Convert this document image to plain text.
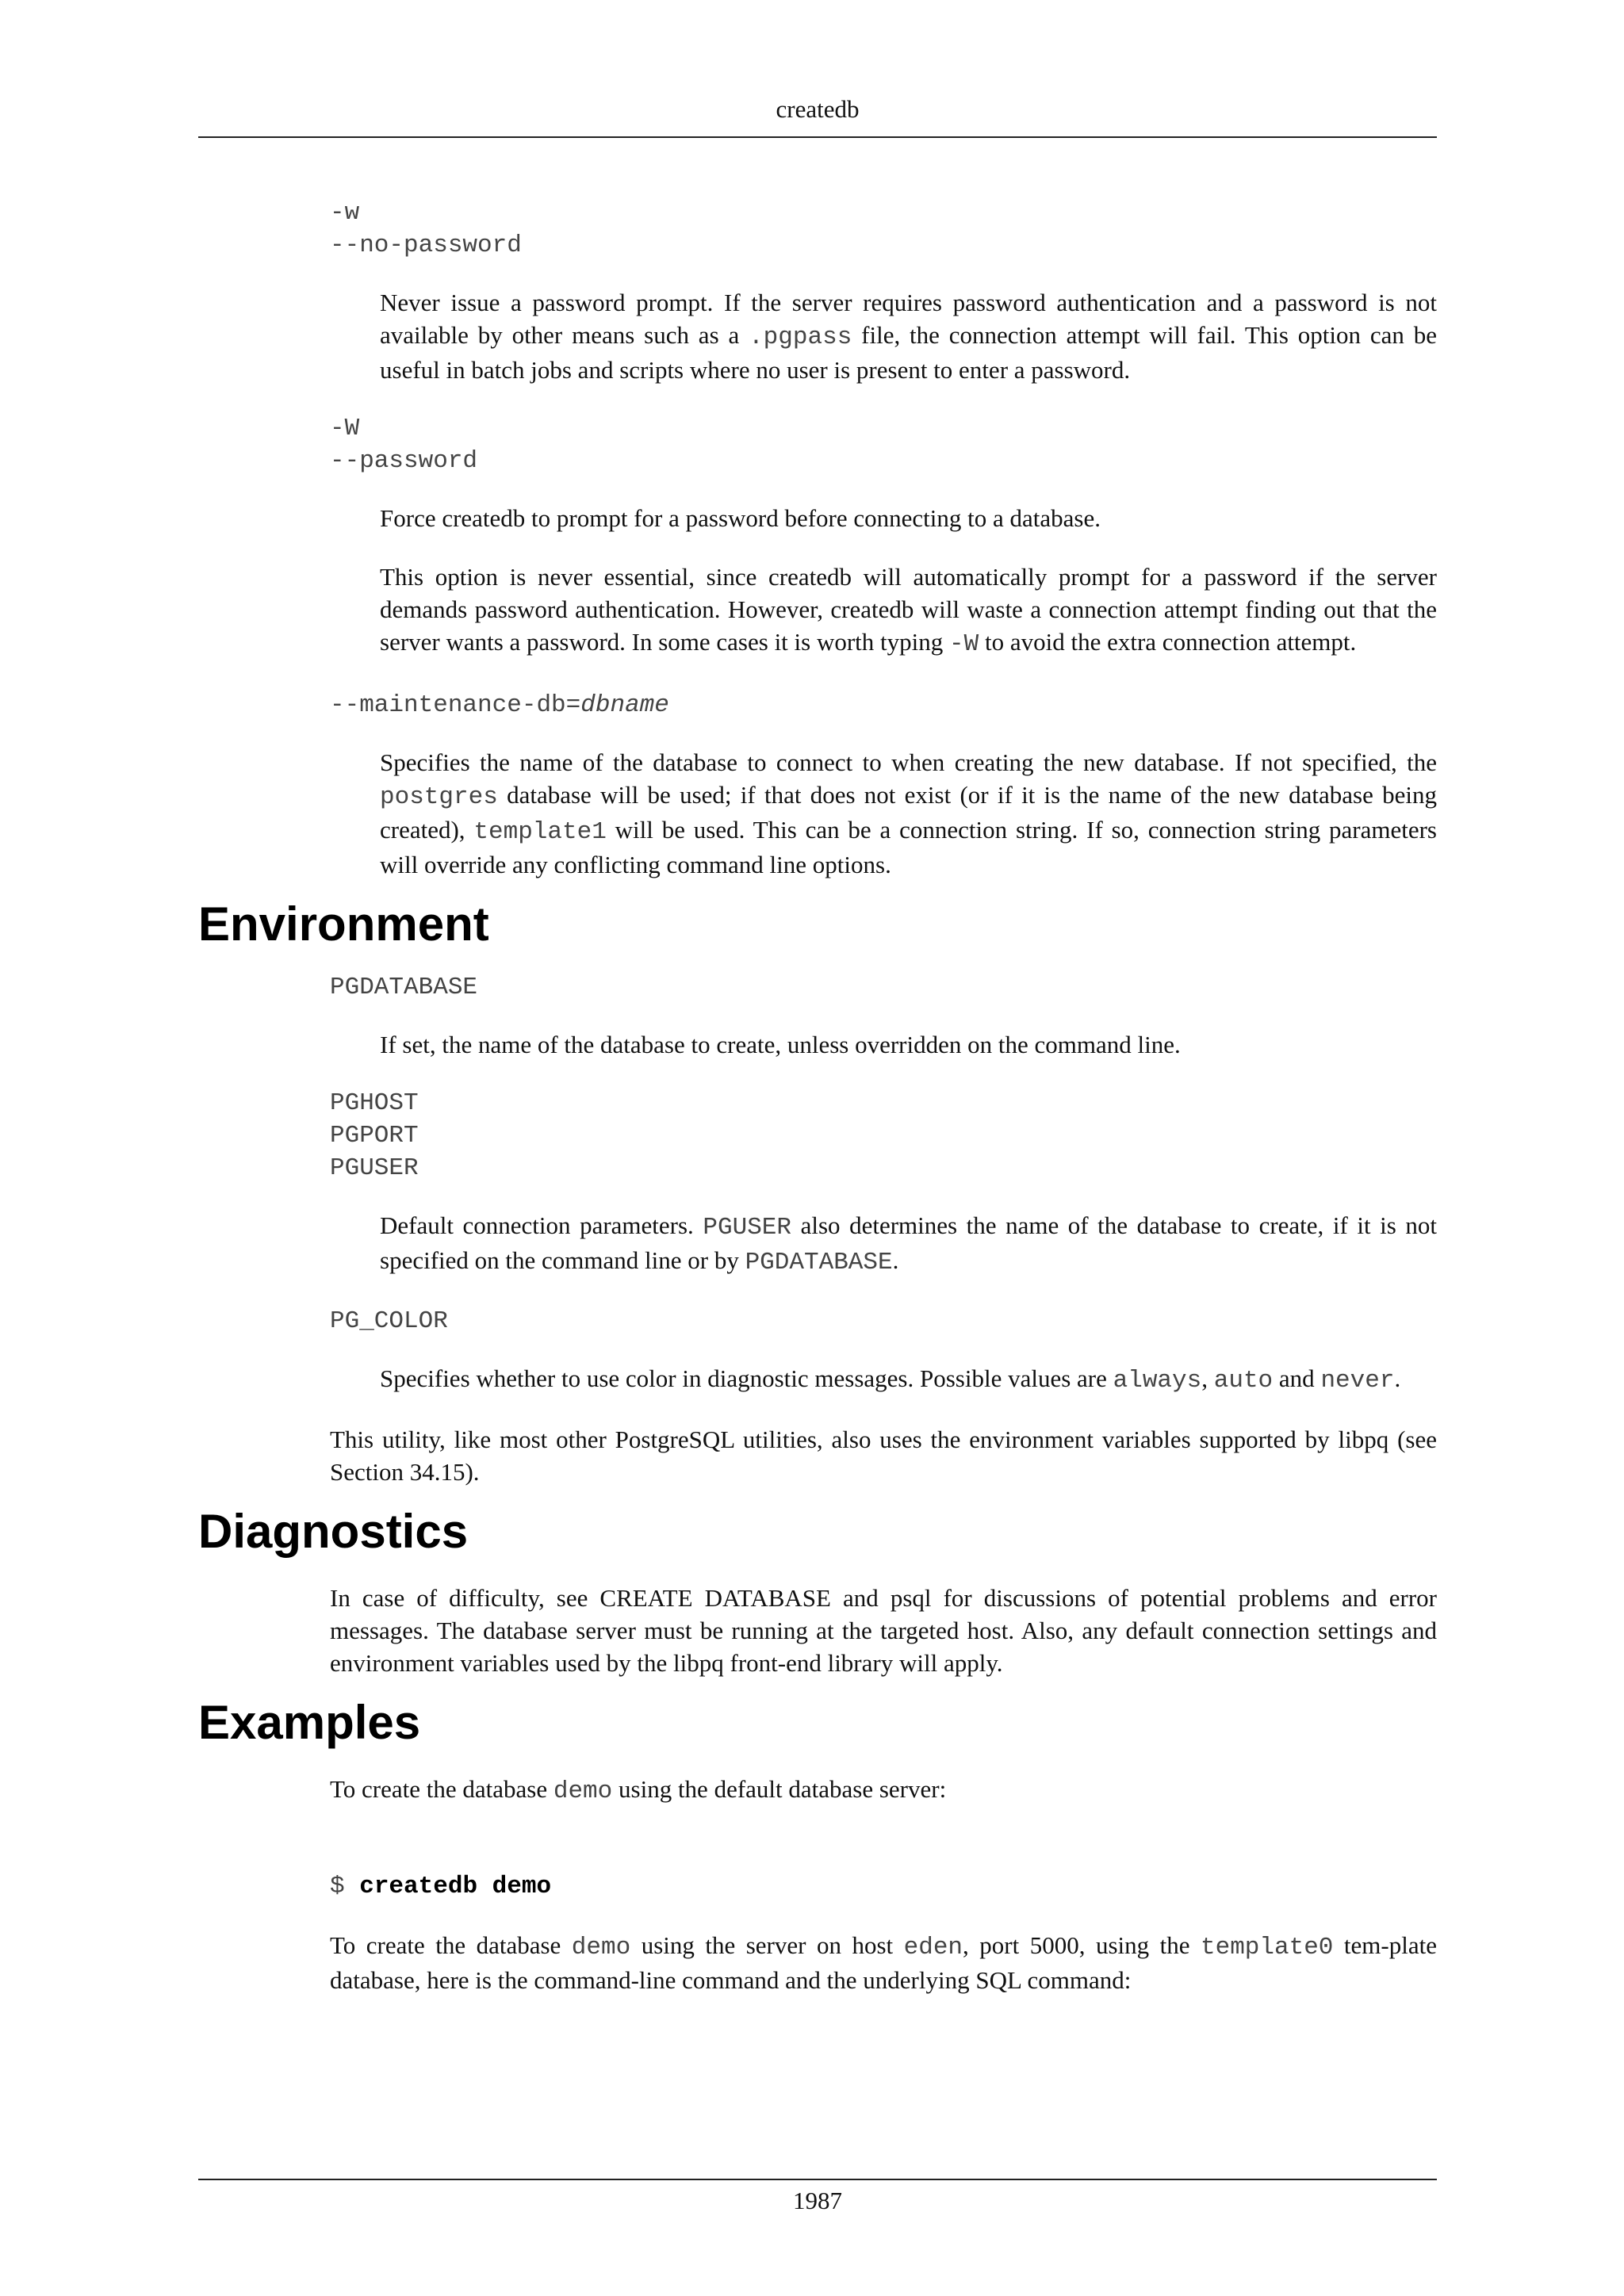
createdb
-w
--no-password

Never issue a password prompt. If the server requires password authentication and a password is not available by other means such as a .pgpass file, the connection attempt will fail. This option can be useful in batch jobs and scripts where no user is present to enter a password.

-W
--password

Force createdb to prompt for a password before connecting to a database.

This option is never essential, since createdb will automatically prompt for a password if the server demands password authentication. However, createdb will waste a connection attempt finding out that the server wants a password. In some cases it is worth typing -W to avoid the extra connection attempt.

--maintenance-db=dbname

Specifies the name of the database to connect to when creating the new database. If not specified, the postgres database will be used; if that does not exist (or if it is the name of the new database being created), template1 will be used. This can be a connection string. If so, connection string parameters will override any conflicting command line options.

Environment
PGDATABASE

If set, the name of the database to create, unless overridden on the command line.

PGHOST
PGPORT
PGUSER

Default connection parameters. PGUSER also determines the name of the database to create, if it is not specified on the command line or by PGDATABASE.

PG_COLOR

Specifies whether to use color in diagnostic messages. Possible values are always, auto and never.

This utility, like most other PostgreSQL utilities, also uses the environment variables supported by libpq (see Section 34.15).

Diagnostics

In case of difficulty, see CREATE DATABASE and psql for discussions of potential problems and error messages. The database server must be running at the targeted host. Also, any default connection settings and environment variables used by the libpq front-end library will apply.

Examples

To create the database demo using the default database server:

$ createdb demo

To create the database demo using the server on host eden, port 5000, using the template0 tem-plate database, here is the command-line command and the underlying SQL command:

1987
